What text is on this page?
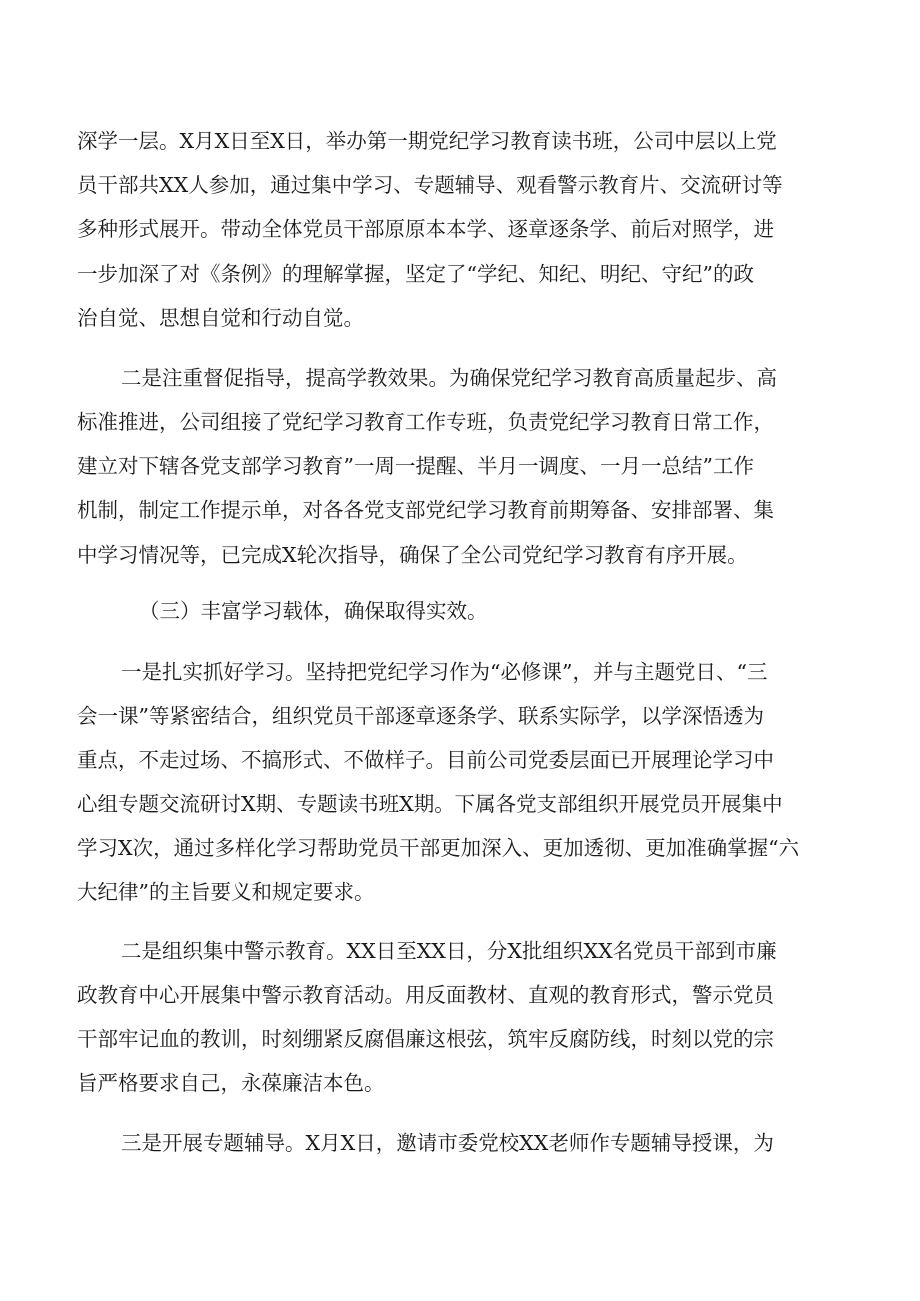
深学一层。X月X日至X日，举办第一期党纪学习教育读书班，公司中层以上党

员干部共XX人参加，通过集中学习、专题辅导、观看警示教育片、交流研讨等

多种形式展开。带动全体党员干部原原本本学、逐章逐条学、前后对照学，进

一步加深了对《条例》的理解掌握，坚定了“学纪、知纪、明纪、守纪”的政

治自觉、思想自觉和行动自觉。

二是注重督促指导，提高学教效果。为确保党纪学习教育高质量起步、高

标准推进，公司组接了党纪学习教育工作专班，负责党纪学习教育日常工作，

建立对下辖各党支部学习教育”一周一提醒、半月一调度、一月一总结”工作

机制，制定工作提示单，对各各党支部党纪学习教育前期筹备、安排部署、集

中学习情况等，已完成X轮次指导，确保了全公司党纪学习教育有序开展。

（三）丰富学习载体，确保取得实效。

一是扎实抓好学习。坚持把党纪学习作为“必修课”，并与主题党日、“三

会一课”等紧密结合，组织党员干部逐章逐条学、联系实际学，以学深悟透为

重点，不走过场、不搞形式、不做样子。目前公司党委层面已开展理论学习中

心组专题交流研讨X期、专题读书班X期。下属各党支部组织开展党员开展集中

学习X次，通过多样化学习帮助党员干部更加深入、更加透彻、更加准确掌握“六

大纪律”的主旨要义和规定要求。

二是组织集中警示教育。XX日至XX日，分X批组织XX名党员干部到市廉

政教育中心开展集中警示教育活动。用反面教材、直观的教育形式，警示党员

干部牢记血的教训，时刻绷紧反腐倡廉这根弦，筑牢反腐防线，时刻以党的宗

旨严格要求自己，永葆廉洁本色。

三是开展专题辅导。X月X日，邀请市委党校XX老师作专题辅导授课，为
